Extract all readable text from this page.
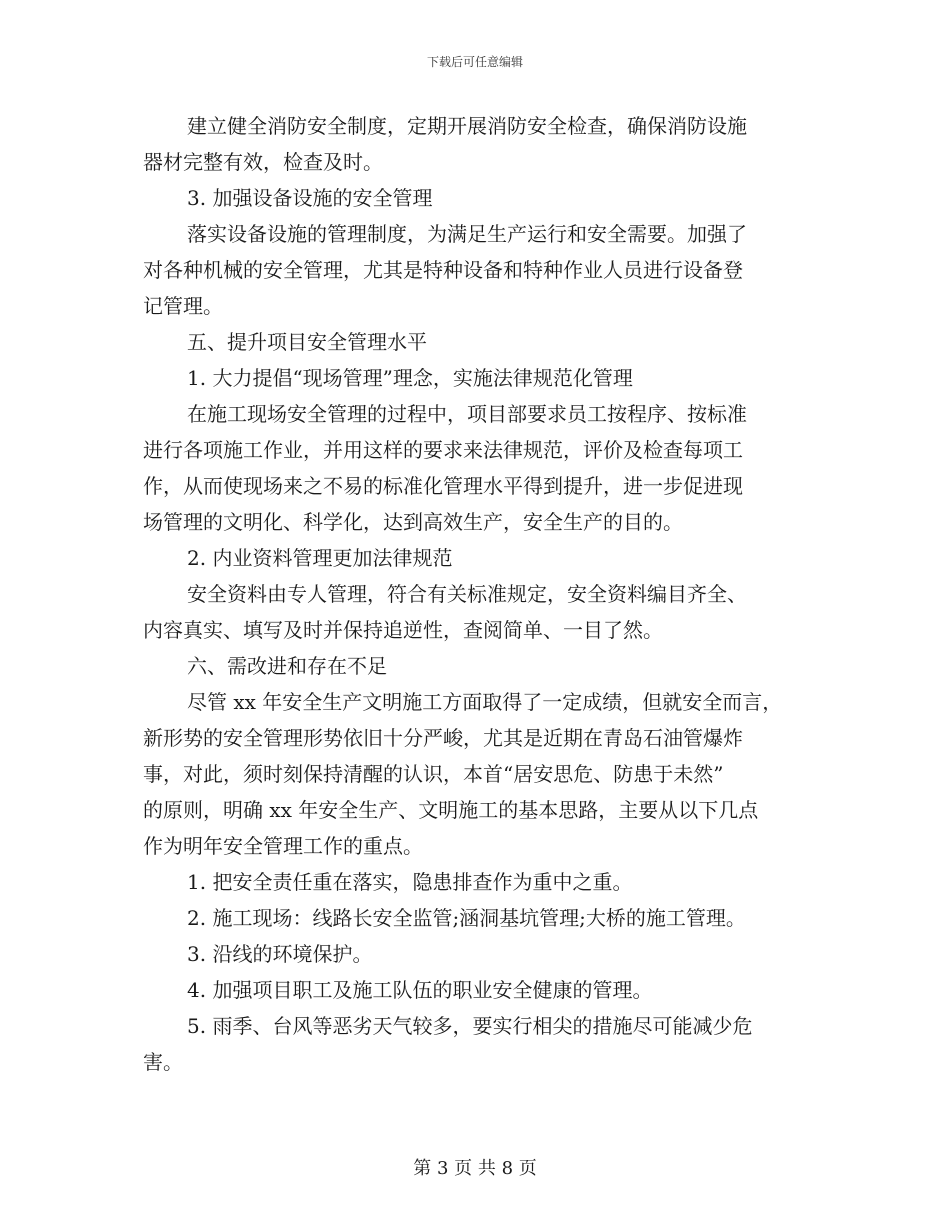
下载后可任意编辑
建立健全消防安全制度，定期开展消防安全检查，确保消防设施
器材完整有效，检查及时。
3. 加强设备设施的安全管理
落实设备设施的管理制度，为满足生产运行和安全需要。加强了
对各种机械的安全管理，尤其是特种设备和特种作业人员进行设备登
记管理。
五、提升项目安全管理水平
1. 大力提倡“现场管理”理念，实施法律规范化管理
在施工现场安全管理的过程中，项目部要求员工按程序、按标准
进行各项施工作业，并用这样的要求来法律规范，评价及检查每项工
作，从而使现场来之不易的标准化管理水平得到提升，进一步促进现
场管理的文明化、科学化，达到高效生产，安全生产的目的。
2. 内业资料管理更加法律规范
安全资料由专人管理，符合有关标准规定，安全资料编目齐全、
内容真实、填写及时并保持追逆性，查阅简单、一目了然。
六、需改进和存在不足
尽管 xx 年安全生产文明施工方面取得了一定成绩，但就安全而言，
新形势的安全管理形势依旧十分严峻，尤其是近期在青岛石油管爆炸
事，对此，须时刻保持清醒的认识，本首“居安思危、防患于未然”
的原则，明确 xx 年安全生产、文明施工的基本思路，主要从以下几点
作为明年安全管理工作的重点。
1. 把安全责任重在落实，隐患排查作为重中之重。
2. 施工现场：线路长安全监管;涵洞基坑管理;大桥的施工管理。
3. 沿线的环境保护。
4. 加强项目职工及施工队伍的职业安全健康的管理。
5. 雨季、台风等恶劣天气较多，要实行相尖的措施尽可能减少危
害。
第 3 页 共 8 页
